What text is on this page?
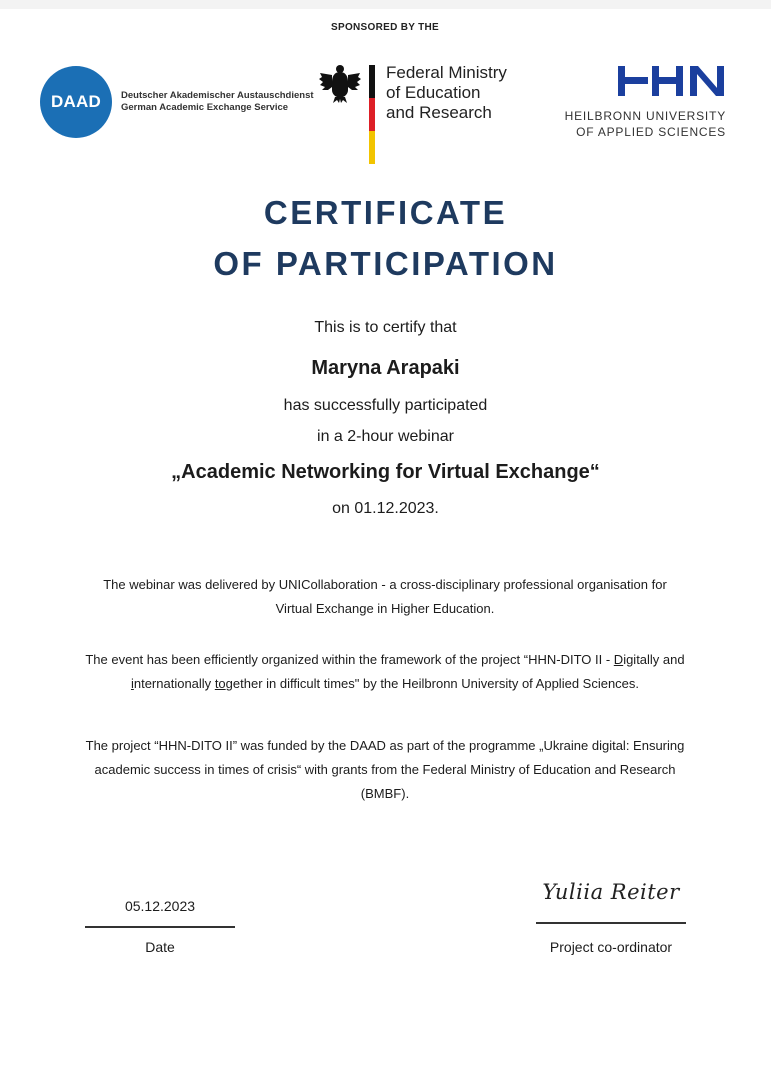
SPONSORED BY THE
DAAD Deutscher Akademischer Austauschdienst
German Academic Exchange Service
Federal Ministry
of Education
and Research	HEILBRONN UNIVERSITY
OF APPLIED SCIENCES
CERTIFICATE
OF PARTICIPATION
This is to certify that
Maryna Arapaki
has successfully participated
in a 2-hour webinar
„Academic Networking for Virtual Exchange“
on 01.12.2023.
The webinar was delivered by UNICollaboration - a cross-disciplinary professional organisation for Virtual Exchange in Higher Education.
The event has been efficiently organized within the framework of the project “HHN-DITO II - Digitally and internationally together in difficult times" by the Heilbronn University of Applied Sciences.
The project “HHN-DITO II” was funded by the DAAD as part of the programme „Ukraine digital: Ensuring academic success in times of crisis“ with grants from the Federal Ministry of Education and Research (BMBF).
05.12.2023
Date
Yuliia Reiter
Project co-ordinator
